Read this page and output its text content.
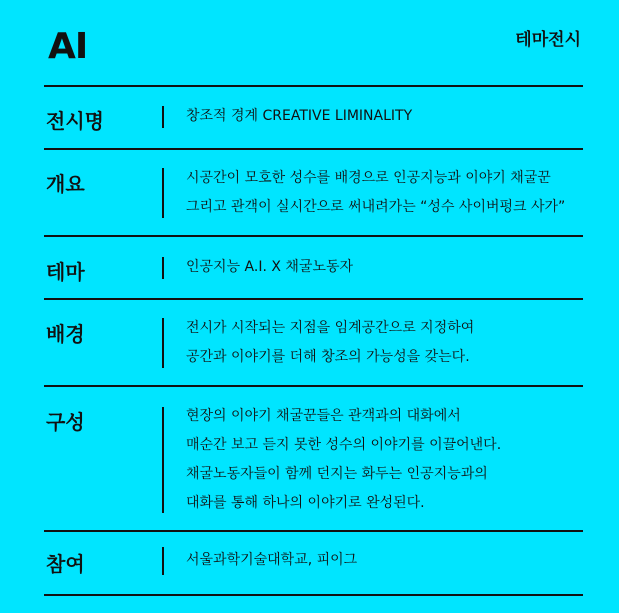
AI	테마전시
전시명	창조적 경계 CREATIVE LIMINALITY
개요	시공간이 모호한 성수를 배경으로 인공지능과 이야기 채굴꾼
그리고 관객이 실시간으로 써내려가는 “성수 사이버펑크 사가”
테마	인공지능 A.I. X 채굴노동자
배경	전시가 시작되는 지점을 임계공간으로 지정하여
공간과 이야기를 더해 창조의 가능성을 갖는다.
구성	현장의 이야기 채굴꾼들은 관객과의 대화에서
매순간 보고 듣지 못한 성수의 이야기를 이끌어낸다.
채굴노동자들이 함께 던지는 화두는 인공지능과의
대화를 통해 하나의 이야기로 완성된다.
참여	서울과학기술대학교, 피이그
